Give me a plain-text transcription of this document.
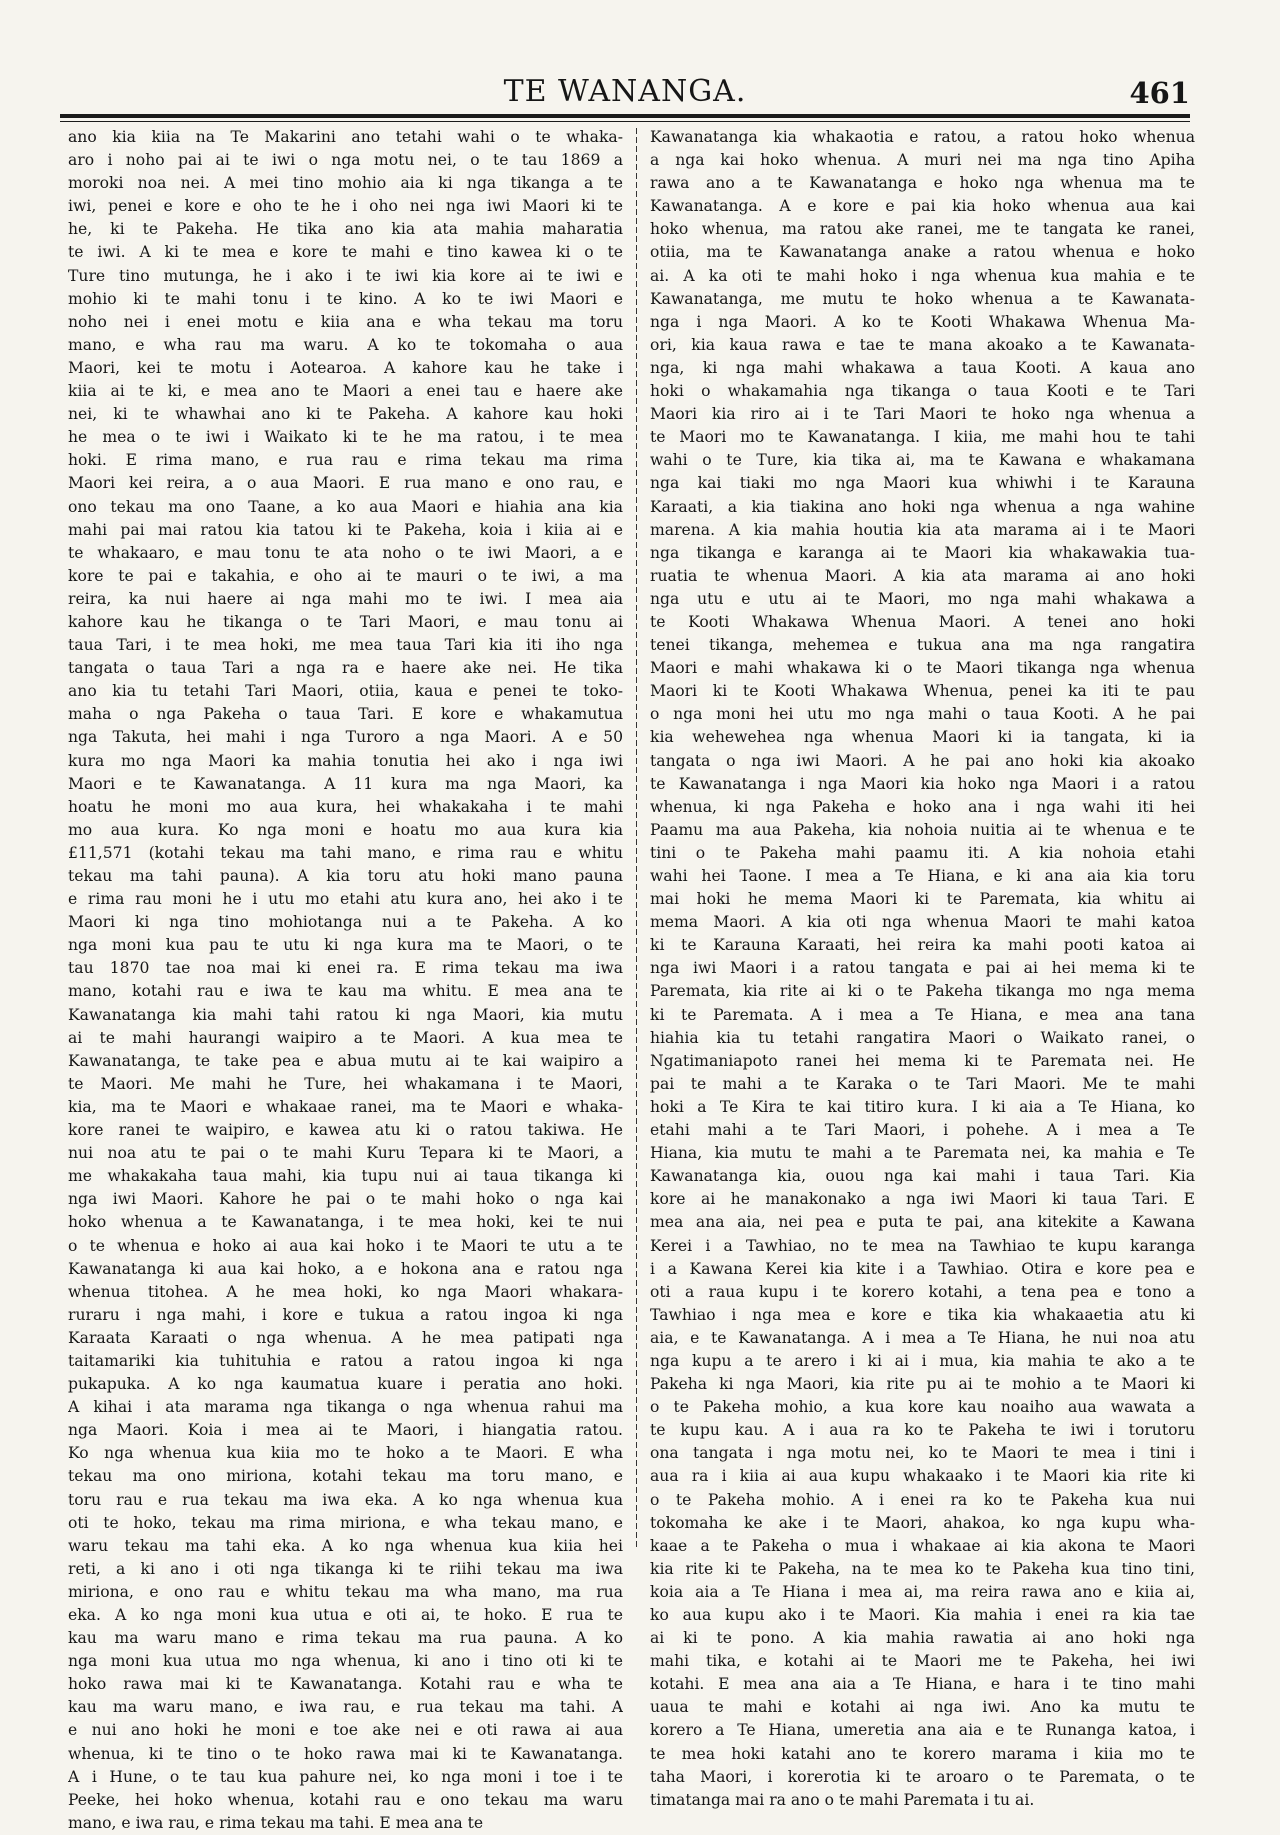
TE WANANGA.	461
ano kia kiia na Te Makarini ano tetahi wahi o te whaka-
aro i noho pai ai te iwi o nga motu nei, o te tau 1869 a
moroki noa nei. A mei tino mohio aia ki nga tikanga a te
iwi, penei e kore e oho te he i oho nei nga iwi Maori ki te
he, ki te Pakeha. He tika ano kia ata mahia maharatia
te iwi. A ki te mea e kore te mahi e tino kawea ki o te
Ture tino mutunga, he i ako i te iwi kia kore ai te iwi e
mohio ki te mahi tonu i te kino. A ko te iwi Maori e
noho nei i enei motu e kiia ana e wha tekau ma toru
mano, e wha rau ma waru. A ko te tokomaha o aua
Maori, kei te motu i Aotearoa. A kahore kau he take i
kiia ai te ki, e mea ano te Maori a enei tau e haere ake
nei, ki te whawhai ano ki te Pakeha. A kahore kau hoki
he mea o te iwi i Waikato ki te he ma ratou, i te mea
hoki. E rima mano, e rua rau e rima tekau ma rima
Maori kei reira, a o aua Maori. E rua mano e ono rau, e
ono tekau ma ono Taane, a ko aua Maori e hiahia ana kia
mahi pai mai ratou kia tatou ki te Pakeha, koia i kiia ai e
te whakaaro, e mau tonu te ata noho o te iwi Maori, a e
kore te pai e takahia, e oho ai te mauri o te iwi, a ma
reira, ka nui haere ai nga mahi mo te iwi. I mea aia
kahore kau he tikanga o te Tari Maori, e mau tonu ai
taua Tari, i te mea hoki, me mea taua Tari kia iti iho nga
tangata o taua Tari a nga ra e haere ake nei. He tika
ano kia tu tetahi Tari Maori, otiia, kaua e penei te toko-
maha o nga Pakeha o taua Tari. E kore e whakamutua
nga Takuta, hei mahi i nga Turoro a nga Maori. A e 50
kura mo nga Maori ka mahia tonutia hei ako i nga iwi
Maori e te Kawanatanga. A 11 kura ma nga Maori, ka
hoatu he moni mo aua kura, hei whakakaha i te mahi
mo aua kura. Ko nga moni e hoatu mo aua kura kia
£11,571 (kotahi tekau ma tahi mano, e rima rau e whitu
tekau ma tahi pauna). A kia toru atu hoki mano pauna
e rima rau moni he i utu mo etahi atu kura ano, hei ako i te
Maori ki nga tino mohiotanga nui a te Pakeha. A ko
nga moni kua pau te utu ki nga kura ma te Maori, o te
tau 1870 tae noa mai ki enei ra. E rima tekau ma iwa
mano, kotahi rau e iwa te kau ma whitu. E mea ana te
Kawanatanga kia mahi tahi ratou ki nga Maori, kia mutu
ai te mahi haurangi waipiro a te Maori. A kua mea te
Kawanatanga, te take pea e abua mutu ai te kai waipiro a
te Maori. Me mahi he Ture, hei whakamana i te Maori,
kia, ma te Maori e whakaae ranei, ma te Maori e whaka-
kore ranei te waipiro, e kawea atu ki o ratou takiwa. He
nui noa atu te pai o te mahi Kuru Tepara ki te Maori, a
me whakakaha taua mahi, kia tupu nui ai taua tikanga ki
nga iwi Maori. Kahore he pai o te mahi hoko o nga kai
hoko whenua a te Kawanatanga, i te mea hoki, kei te nui
o te whenua e hoko ai aua kai hoko i te Maori te utu a te
Kawanatanga ki aua kai hoko, a e hokona ana e ratou nga
whenua titohea. A he mea hoki, ko nga Maori whakara-
ruraru i nga mahi, i kore e tukua a ratou ingoa ki nga
Karaata Karaati o nga whenua. A he mea patipati nga
taitamariki kia tuhituhia e ratou a ratou ingoa ki nga
pukapuka. A ko nga kaumatua kuare i peratia ano hoki.
A kihai i ata marama nga tikanga o nga whenua rahui ma
nga Maori. Koia i mea ai te Maori, i hiangatia ratou.
Ko nga whenua kua kiia mo te hoko a te Maori. E wha
tekau ma ono miriona, kotahi tekau ma toru mano, e
toru rau e rua tekau ma iwa eka. A ko nga whenua kua
oti te hoko, tekau ma rima miriona, e wha tekau mano, e
waru tekau ma tahi eka. A ko nga whenua kua kiia hei
reti, a ki ano i oti nga tikanga ki te riihi tekau ma iwa
miriona, e ono rau e whitu tekau ma wha mano, ma rua
eka. A ko nga moni kua utua e oti ai, te hoko. E rua te
kau ma waru mano e rima tekau ma rua pauna. A ko
nga moni kua utua mo nga whenua, ki ano i tino oti ki te
hoko rawa mai ki te Kawanatanga. Kotahi rau e wha te
kau ma waru mano, e iwa rau, e rua tekau ma tahi. A
e nui ano hoki he moni e toe ake nei e oti rawa ai aua
whenua, ki te tino o te hoko rawa mai ki te Kawanatanga.
A i Hune, o te tau kua pahure nei, ko nga moni i toe i te
Peeke, hei hoko whenua, kotahi rau e ono tekau ma waru
mano, e iwa rau, e rima tekau ma tahi. E mea ana te
Kawanatanga kia whakaotia e ratou, a ratou hoko whenua
a nga kai hoko whenua. A muri nei ma nga tino Apiha
rawa ano a te Kawanatanga e hoko nga whenua ma te
Kawanatanga. A e kore e pai kia hoko whenua aua kai
hoko whenua, ma ratou ake ranei, me te tangata ke ranei,
otiia, ma te Kawanatanga anake a ratou whenua e hoko
ai. A ka oti te mahi hoko i nga whenua kua mahia e te
Kawanatanga, me mutu te hoko whenua a te Kawanata-
nga i nga Maori. A ko te Kooti Whakawa Whenua Ma-
ori, kia kaua rawa e tae te mana akoako a te Kawanata-
nga, ki nga mahi whakawa a taua Kooti. A kaua ano
hoki o whakamahia nga tikanga o taua Kooti e te Tari
Maori kia riro ai i te Tari Maori te hoko nga whenua a
te Maori mo te Kawanatanga. I kiia, me mahi hou te tahi
wahi o te Ture, kia tika ai, ma te Kawana e whakamana
nga kai tiaki mo nga Maori kua whiwhi i te Karauna
Karaati, a kia tiakina ano hoki nga whenua a nga wahine
marena. A kia mahia houtia kia ata marama ai i te Maori
nga tikanga e karanga ai te Maori kia whakawakia tua-
ruatia te whenua Maori. A kia ata marama ai ano hoki
nga utu e utu ai te Maori, mo nga mahi whakawa a
te Kooti Whakawa Whenua Maori. A tenei ano hoki
tenei tikanga, mehemea e tukua ana ma nga rangatira
Maori e mahi whakawa ki o te Maori tikanga nga whenua
Maori ki te Kooti Whakawa Whenua, penei ka iti te pau
o nga moni hei utu mo nga mahi o taua Kooti. A he pai
kia wehewehea nga whenua Maori ki ia tangata, ki ia
tangata o nga iwi Maori. A he pai ano hoki kia akoako
te Kawanatanga i nga Maori kia hoko nga Maori i a ratou
whenua, ki nga Pakeha e hoko ana i nga wahi iti hei
Paamu ma aua Pakeha, kia nohoia nuitia ai te whenua e te
tini o te Pakeha mahi paamu iti. A kia nohoia etahi
wahi hei Taone. I mea a Te Hiana, e ki ana aia kia toru
mai hoki he mema Maori ki te Paremata, kia whitu ai
mema Maori. A kia oti nga whenua Maori te mahi katoa
ki te Karauna Karaati, hei reira ka mahi pooti katoa ai
nga iwi Maori i a ratou tangata e pai ai hei mema ki te
Paremata, kia rite ai ki o te Pakeha tikanga mo nga mema
ki te Paremata. A i mea a Te Hiana, e mea ana tana
hiahia kia tu tetahi rangatira Maori o Waikato ranei, o
Ngatimaniapoto ranei hei mema ki te Paremata nei. He
pai te mahi a te Karaka o te Tari Maori. Me te mahi
hoki a Te Kira te kai titiro kura. I ki aia a Te Hiana, ko
etahi mahi a te Tari Maori, i pohehe. A i mea a Te
Hiana, kia mutu te mahi a te Paremata nei, ka mahia e Te
Kawanatanga kia, ouou nga kai mahi i taua Tari. Kia
kore ai he manakonako a nga iwi Maori ki taua Tari. E
mea ana aia, nei pea e puta te pai, ana kitekite a Kawana
Kerei i a Tawhiao, no te mea na Tawhiao te kupu karanga
i a Kawana Kerei kia kite i a Tawhiao. Otira e kore pea e
oti a raua kupu i te korero kotahi, a tena pea e tono a
Tawhiao i nga mea e kore e tika kia whakaaetia atu ki
aia, e te Kawanatanga. A i mea a Te Hiana, he nui noa atu
nga kupu a te arero i ki ai i mua, kia mahia te ako a te
Pakeha ki nga Maori, kia rite pu ai te mohio a te Maori ki
o te Pakeha mohio, a kua kore kau noaiho aua wawata a
te kupu kau. A i aua ra ko te Pakeha te iwi i torutoru
ona tangata i nga motu nei, ko te Maori te mea i tini i
aua ra i kiia ai aua kupu whakaako i te Maori kia rite ki
o te Pakeha mohio. A i enei ra ko te Pakeha kua nui
tokomaha ke ake i te Maori, ahakoa, ko nga kupu wha-
kaae a te Pakeha o mua i whakaae ai kia akona te Maori
kia rite ki te Pakeha, na te mea ko te Pakeha kua tino tini,
koia aia a Te Hiana i mea ai, ma reira rawa ano e kiia ai,
ko aua kupu ako i te Maori. Kia mahia i enei ra kia tae
ai ki te pono. A kia mahia rawatia ai ano hoki nga
mahi tika, e kotahi ai te Maori me te Pakeha, hei iwi
kotahi. E mea ana aia a Te Hiana, e hara i te tino mahi
uaua te mahi e kotahi ai nga iwi. Ano ka mutu te
korero a Te Hiana, umeretia ana aia e te Runanga katoa, i
te mea hoki katahi ano te korero marama i kiia mo te
taha Maori, i korerotia ki te aroaro o te Paremata, o te
timatanga mai ra ano o te mahi Paremata i tu ai.
